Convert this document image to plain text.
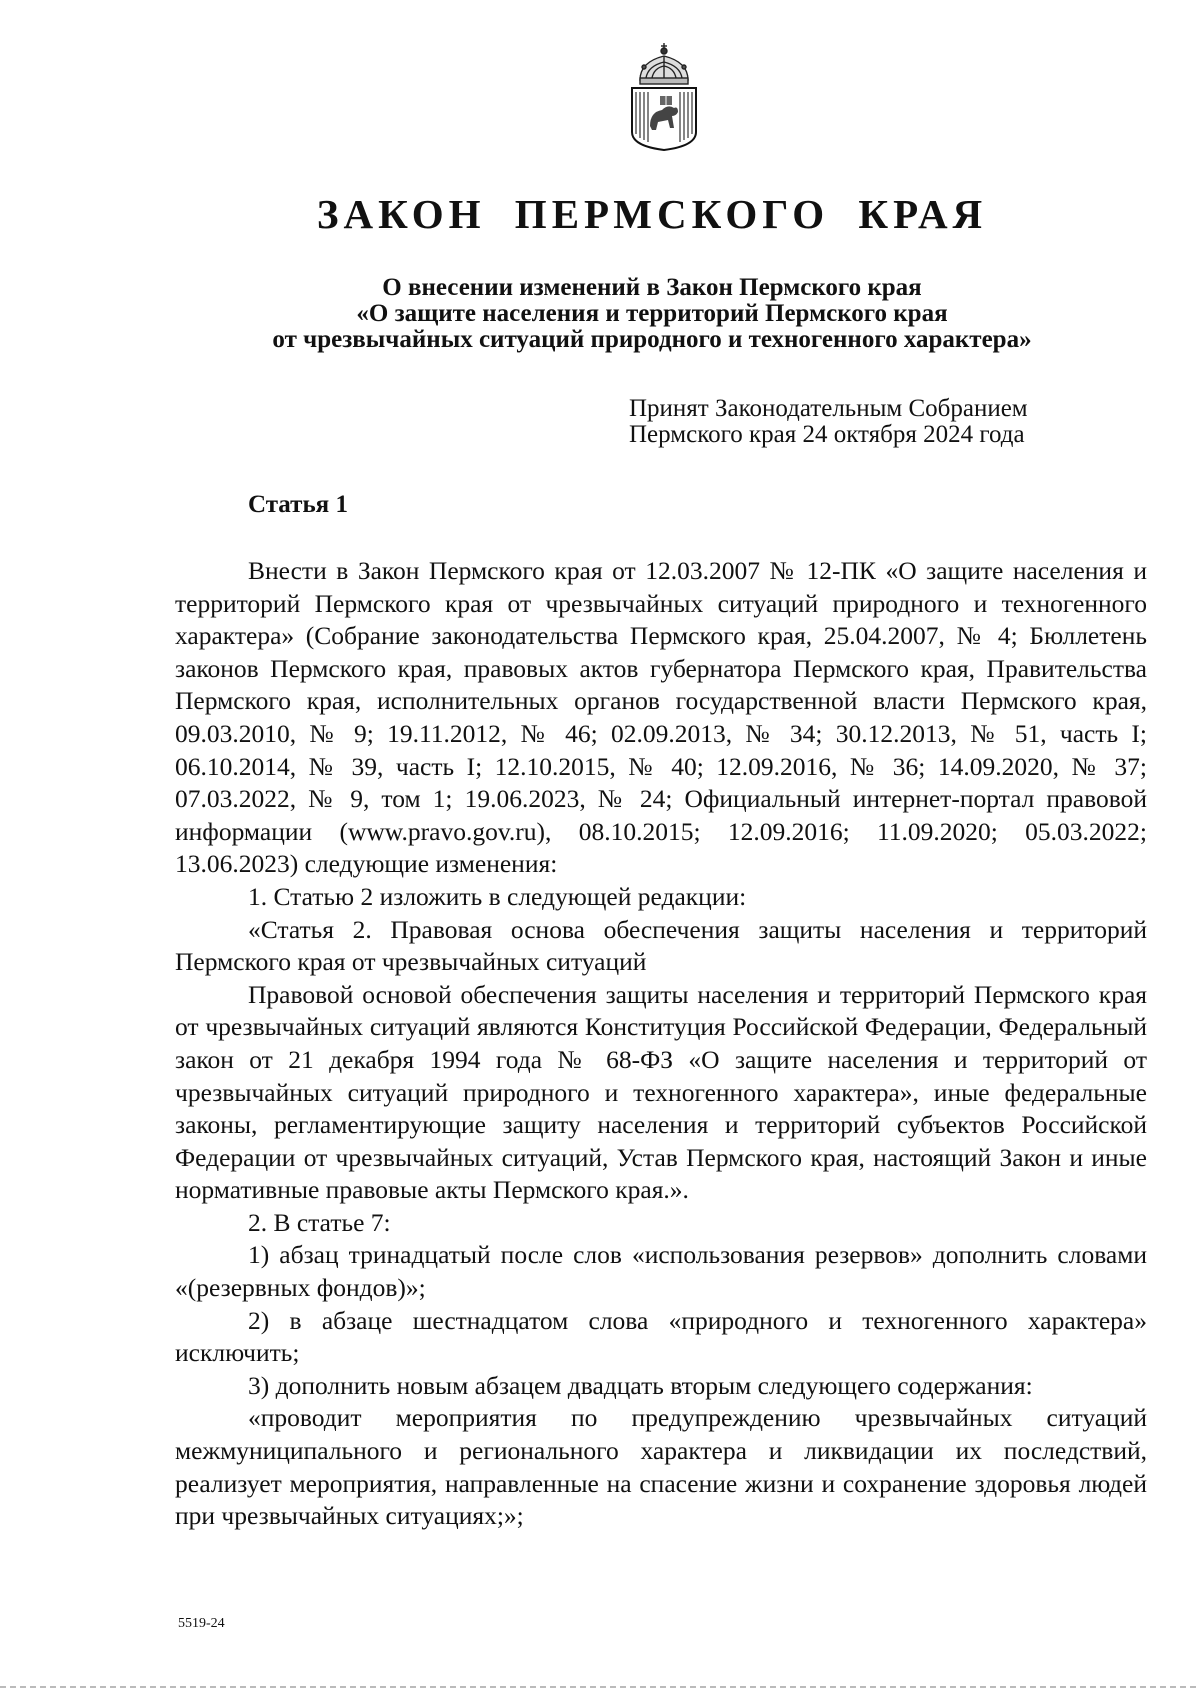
ЗАКОН ПЕРМСКОГО КРАЯ
О внесении изменений в Закон Пермского края
«О защите населения и территорий Пермского края
от чрезвычайных ситуаций природного и техногенного характера»
Принят Законодательным Собранием
Пермского края 24 октября 2024 года
Статья 1

Внести в Закон Пермского края от 12.03.2007 № 12-ПК «О защите населения и территорий Пермского края от чрезвычайных ситуаций природного и техногенного характера» (Собрание законодательства Пермского края, 25.04.2007, № 4; Бюллетень законов Пермского края, правовых актов губернатора Пермского края, Правительства Пермского края, исполнительных органов государственной власти Пермского края, 09.03.2010, № 9; 19.11.2012, № 46; 02.09.2013, № 34; 30.12.2013, № 51, часть I; 06.10.2014, № 39, часть I; 12.10.2015, № 40; 12.09.2016, № 36; 14.09.2020, № 37; 07.03.2022, № 9, том 1; 19.06.2023, № 24; Официальный интернет-портал правовой информации (www.pravo.gov.ru), 08.10.2015; 12.09.2016; 11.09.2020; 05.03.2022; 13.06.2023) следующие изменения:

1. Статью 2 изложить в следующей редакции:

«Статья 2. Правовая основа обеспечения защиты населения и территорий Пермского края от чрезвычайных ситуаций

Правовой основой обеспечения защиты населения и территорий Пермского края от чрезвычайных ситуаций являются Конституция Российской Федерации, Федеральный закон от 21 декабря 1994 года № 68-ФЗ «О защите населения и территорий от чрезвычайных ситуаций природного и техногенного характера», иные федеральные законы, регламентирующие защиту населения и территорий субъектов Российской Федерации от чрезвычайных ситуаций, Устав Пермского края, настоящий Закон и иные нормативные правовые акты Пермского края.».

2. В статье 7:

1) абзац тринадцатый после слов «использования резервов» дополнить словами «(резервных фондов)»;

2) в абзаце шестнадцатом слова «природного и техногенного характера» исключить;

3) дополнить новым абзацем двадцать вторым следующего содержания:

«проводит мероприятия по предупреждению чрезвычайных ситуаций межмуниципального и регионального характера и ликвидации их последствий, реализует мероприятия, направленные на спасение жизни и сохранение здоровья людей при чрезвычайных ситуациях;»;

5519-24
